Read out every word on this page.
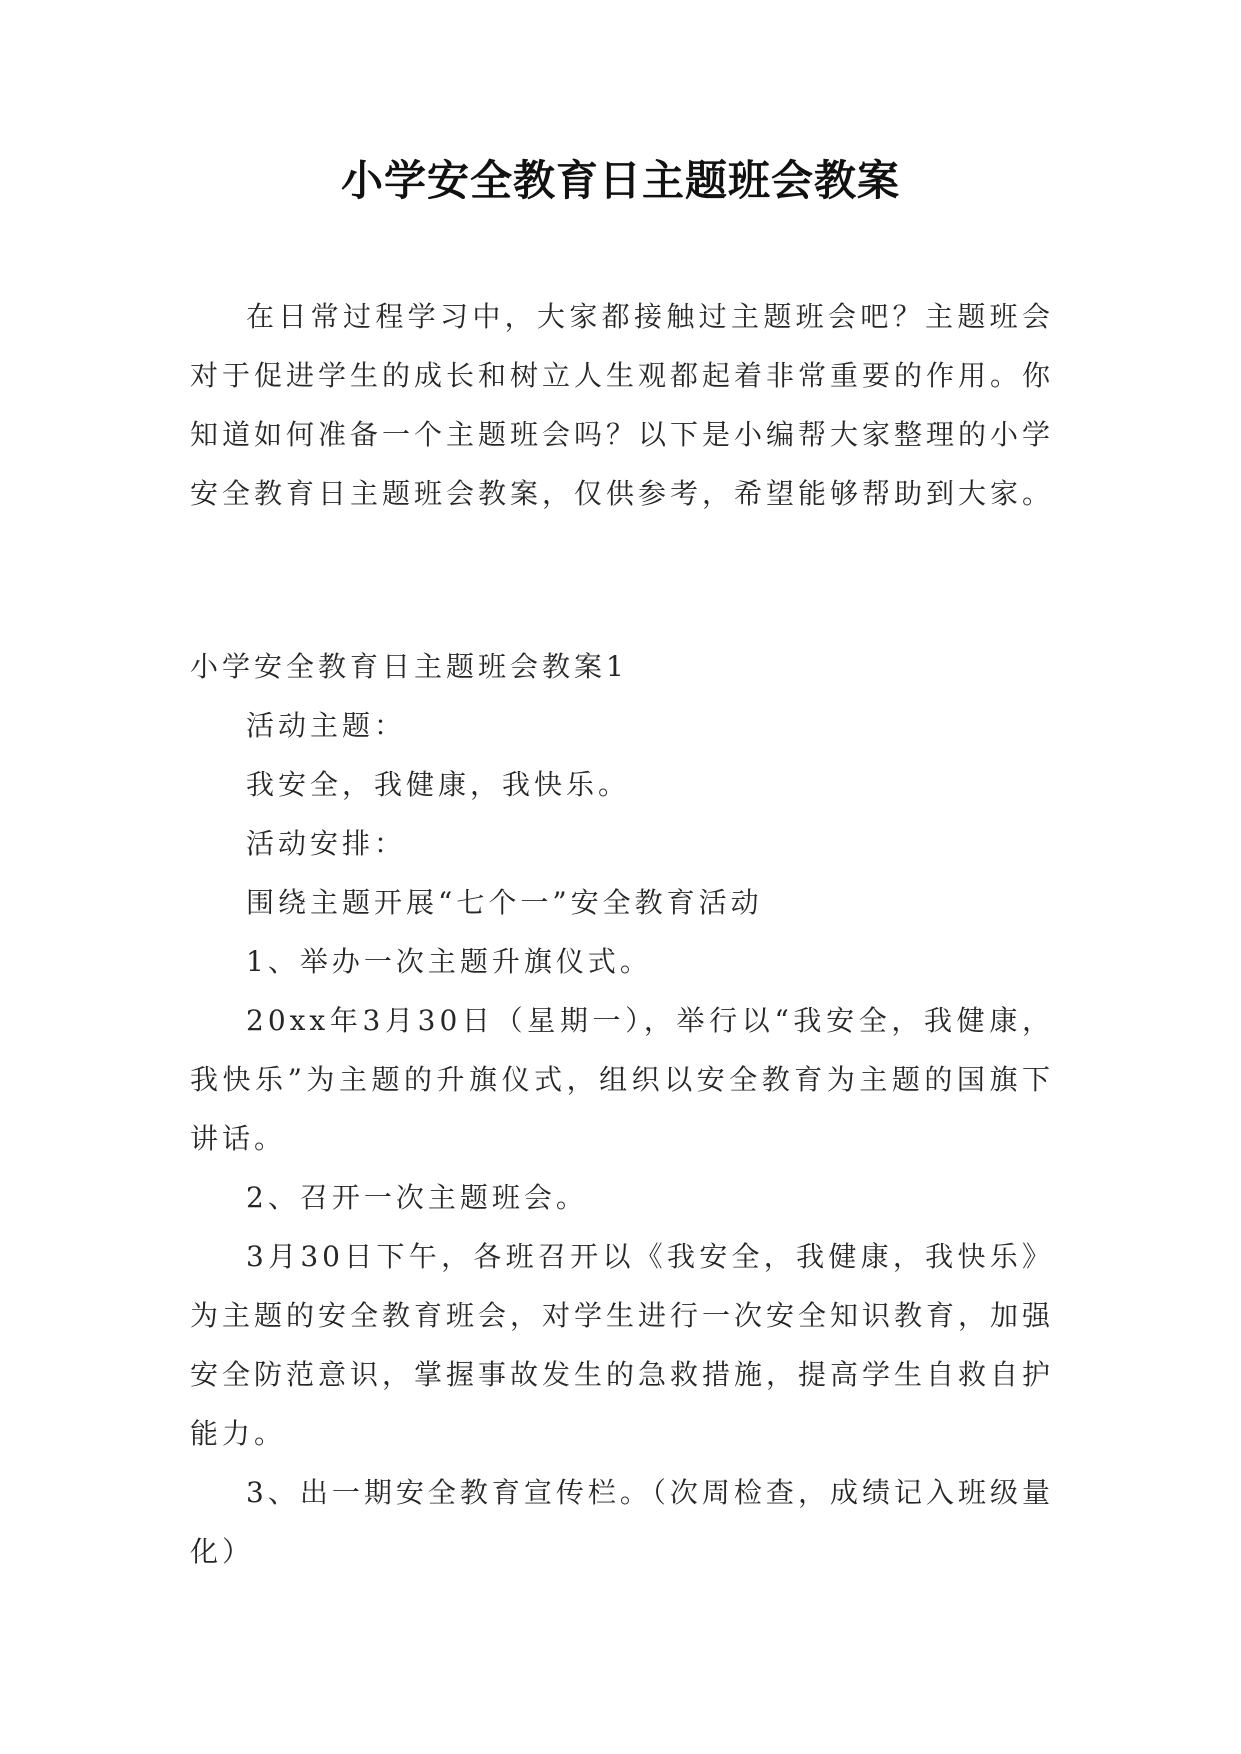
小学安全教育日主题班会教案

在日常过程学习中，大家都接触过主题班会吧？主题班会对于促进学生的成长和树立人生观都起着非常重要的作用。你知道如何准备一个主题班会吗？以下是小编帮大家整理的小学安全教育日主题班会教案，仅供参考，希望能够帮助到大家。

小学安全教育日主题班会教案1

活动主题：

我安全，我健康，我快乐。

活动安排：

围绕主题开展“七个一”安全教育活动

1、举办一次主题升旗仪式。

20xx年3月30日（星期一），举行以“我安全，我健康，我快乐”为主题的升旗仪式，组织以安全教育为主题的国旗下讲话。

2、召开一次主题班会。

3月30日下午，各班召开以《我安全，我健康，我快乐》为主题的安全教育班会，对学生进行一次安全知识教育，加强安全防范意识，掌握事故发生的急救措施，提高学生自救自护能力。

3、出一期安全教育宣传栏。（次周检查，成绩记入班级量化）
